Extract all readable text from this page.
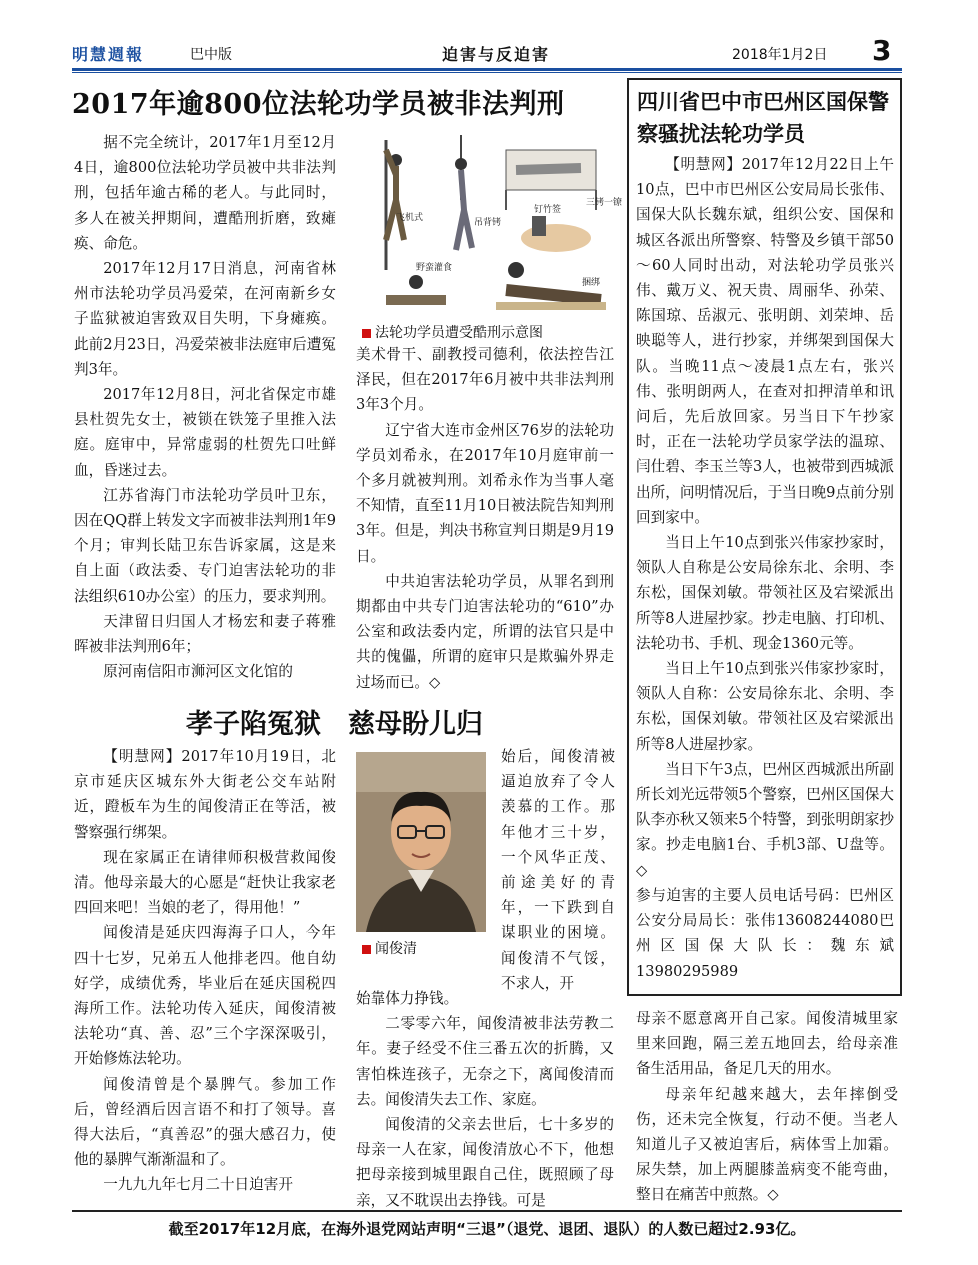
明慧週報	巴中版	迫害与反迫害	2018年1月2日 3
2017年逾800位法轮功学员被非法判刑

据不完全统计，2017年1月至12月4日，逾800位法轮功学员被中共非法判刑，包括年逾古稀的老人。与此同时，多人在被关押期间，遭酷刑折磨，致瘫痪、命危。

2017年12月17日消息，河南省林州市法轮功学员冯爱荣，在河南新乡女子监狱被迫害致双目失明，下身瘫痪。此前2月23日，冯爱荣被非法庭审后遭冤判3年。

2017年12月8日，河北省保定市雄县杜贺先女士，被锁在铁笼子里推入法庭。庭审中，异常虚弱的杜贺先口吐鲜血，昏迷过去。

江苏省海门市法轮功学员叶卫东，因在QQ群上转发文字而被非法判刑1年9个月；审判长陆卫东告诉家属，这是来自上面（政法委、专门迫害法轮功的非法组织610办公室）的压力，要求判刑。

天津留日归国人才杨宏和妻子蒋雅晖被非法判刑6年；

原河南信阳市浉河区文化馆的

飞机式	吊背铐
三铐一镣
钉竹签
野蛮灌食
捆绑
法轮功学员遭受酷刑示意图

美术骨干、副教授司德利，依法控告江泽民，但在2017年6月被中共非法判刑3年3个月。

辽宁省大连市金州区76岁的法轮功学员刘希永，在2017年10月庭审前一个多月就被判刑。刘希永作为当事人毫不知情，直至11月10日被法院告知判刑3年。但是，判决书称宣判日期是9月19日。

中共迫害法轮功学员，从罪名到刑期都由中共专门迫害法轮功的“610”办公室和政法委内定，所谓的法官只是中共的傀儡，所谓的庭审只是欺骗外界走过场而已。◇

四川省巴中市巴州区国保警察骚扰法轮功学员

【明慧网】2017年12月22日上午10点，巴中市巴州区公安局局长张伟、国保大队长魏东斌，组织公安、国保和城区各派出所警察、特警及乡镇干部50～60人同时出动，对法轮功学员张兴伟、戴万义、祝天贵、周丽华、孙荣、陈国琼、岳淑元、张明朗、刘荣坤、岳映聪等人，进行抄家，并绑架到国保大队。当晚11点～凌晨1点左右，张兴伟、张明朗两人，在查对扣押清单和讯问后，先后放回家。另当日下午抄家时，正在一法轮功学员家学法的温琼、闫仕碧、李玉兰等3人，也被带到西城派出所，问明情况后，于当日晚9点前分别回到家中。

当日上午10点到张兴伟家抄家时，领队人自称是公安局徐东北、余明、李东松，国保刘敏。带领社区及宕梁派出所等8人进屋抄家。抄走电脑、打印机、法轮功书、手机、现金1360元等。

当日上午10点到张兴伟家抄家时，领队人自称：公安局徐东北、余明、李东松，国保刘敏。带领社区及宕梁派出所等8人进屋抄家。

当日下午3点，巴州区西城派出所副所长刘光远带领5个警察，巴州区国保大队李亦秋又领来5个特警，到张明朗家抄家。抄走电脑1台、手机3部、U盘等。◇

参与迫害的主要人员电话号码：巴州区公安分局局长：张伟13608244080巴州区国保大队长：魏东斌13980295989

孝子陷冤狱　慈母盼儿归

【明慧网】2017年10月19日，北京市延庆区城东外大街老公交车站附近，蹬板车为生的闻俊清正在等活，被警察强行绑架。

现在家属正在请律师积极营救闻俊清。他母亲最大的心愿是“赶快让我家老四回来吧！当娘的老了，得用他！”

闻俊清是延庆四海海子口人，今年四十七岁，兄弟五人他排老四。他自幼好学，成绩优秀，毕业后在延庆国税四海所工作。法轮功传入延庆，闻俊清被法轮功“真、善、忍”三个字深深吸引，开始修炼法轮功。

闻俊清曾是个暴脾气。参加工作后，曾经酒后因言语不和打了领导。喜得大法后，“真善忍”的强大感召力，使他的暴脾气渐渐温和了。

一九九九年七月二十日迫害开

闻俊清

始后，闻俊清被逼迫放弃了令人羡慕的工作。那年他才三十岁，一个风华正茂、前途美好的青年，一下跌到自谋职业的困境。闻俊清不气馁，不求人，开

始靠体力挣钱。

二零零六年，闻俊清被非法劳教二年。妻子经受不住三番五次的折腾，又害怕株连孩子，无奈之下，离闻俊清而去。闻俊清失去工作、家庭。

闻俊清的父亲去世后，七十多岁的母亲一人在家，闻俊清放心不下，他想把母亲接到城里跟自己住，既照顾了母亲，又不耽误出去挣钱。可是

母亲不愿意离开自己家。闻俊清城里家里来回跑，隔三差五地回去，给母亲准备生活用品，备足几天的用水。

母亲年纪越来越大，去年摔倒受伤，还未完全恢复，行动不便。当老人知道儿子又被迫害后，病体雪上加霜。尿失禁，加上两腿膝盖病变不能弯曲，整日在痛苦中煎熬。◇

截至2017年12月底，在海外退党网站声明“三退”（退党、退团、退队）的人数已超过2.93亿。
